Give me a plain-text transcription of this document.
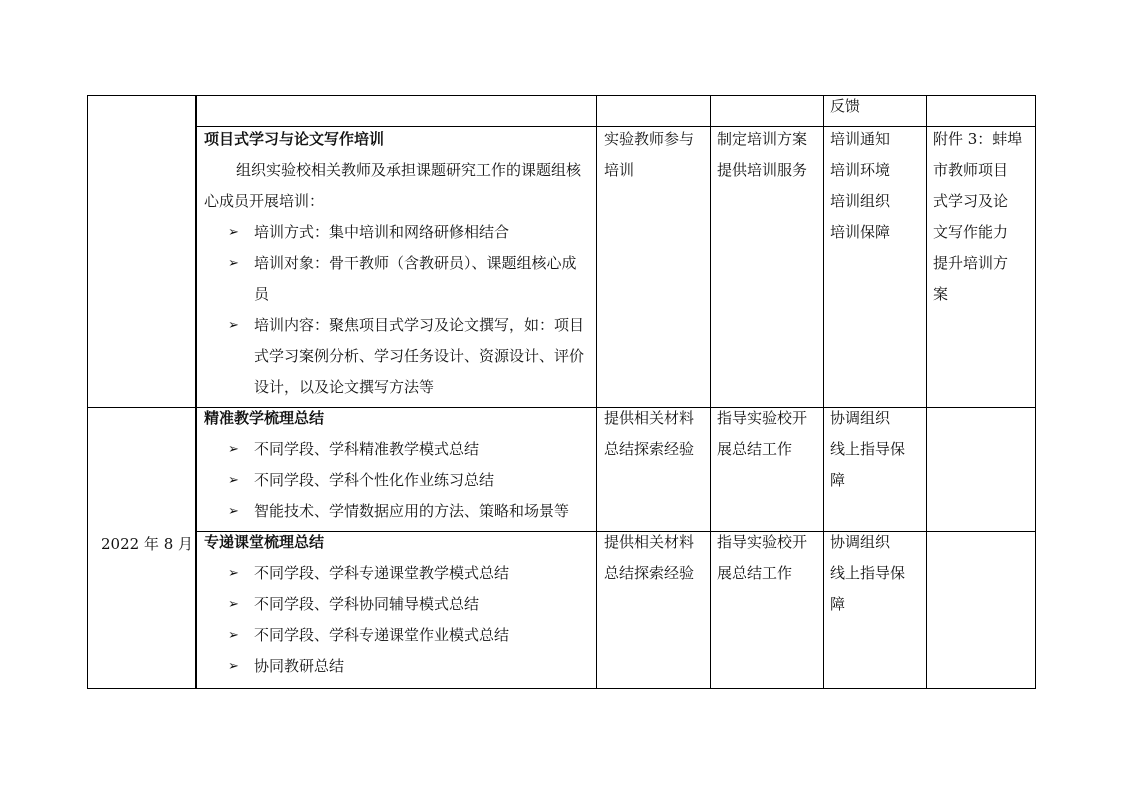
反馈
项目式学习与论文写作培训
组织实验校相关教师及承担课题研究工作的课题组核心成员开展培训：
➢ 培训方式：集中培训和网络研修相结合
➢ 培训对象：骨干教师（含教研员）、课题组核心成员
➢ 培训内容：聚焦项目式学习及论文撰写，如：项目式学习案例分析、学习任务设计、资源设计、评价设计，以及论文撰写方法等
实验教师参与
培训
制定培训方案
提供培训服务
培训通知
培训环境
培训组织
培训保障
附件 3：蚌埠
市教师项目
式学习及论
文写作能力
提升培训方
案
2022 年 8 月
精准教学梳理总结
➢ 不同学段、学科精准教学模式总结
➢ 不同学段、学科个性化作业练习总结
➢ 智能技术、学情数据应用的方法、策略和场景等
提供相关材料
总结探索经验
指导实验校开
展总结工作
协调组织
线上指导保
障
专递课堂梳理总结
➢ 不同学段、学科专递课堂教学模式总结
➢ 不同学段、学科协同辅导模式总结
➢ 不同学段、学科专递课堂作业模式总结
➢ 协同教研总结
提供相关材料
总结探索经验
指导实验校开
展总结工作
协调组织
线上指导保
障
